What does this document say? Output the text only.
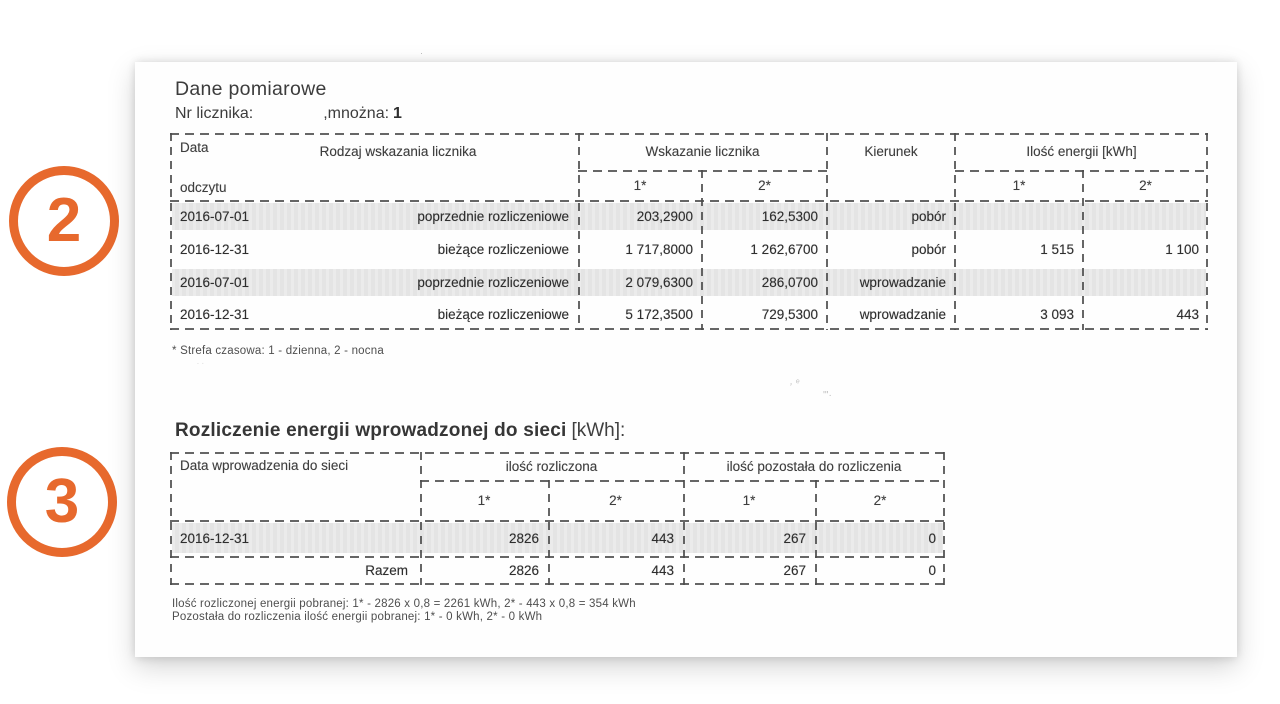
2
3
Dane pomiarowe
Nr licznika:	,mnożna: 1
Data
odczytu
Rodzaj wskazania licznika	Wskazanie licznika	Kierunek	Ilość energii [kWh]
1*	2*	1*	2*
2016-07-01	poprzednie rozliczeniowe	203,2900	162,5300	pobór
2016-12-31	bieżące rozliczeniowe	1 717,8000	1 262,6700	pobór	1 515	1 100
2016-07-01	poprzednie rozliczeniowe	2 079,6300	286,0700	wprowadzanie
2016-12-31	bieżące rozliczeniowe	5 172,3500	729,5300	wprowadzanie	3 093	443
* Strefa czasowa: 1 - dzienna, 2 - nocna
, ᵉ
'"·
˙ ˙
·
Rozliczenie energii wprowadzonej do sieci [kWh]:
Data wprowadzenia do sieci	ilość rozliczona	ilość pozostała do rozliczenia
1*	2*	1*	2*
2016-12-31	2826	443	267	0
Razem	2826	443	267	0
Ilość rozliczonej energii pobranej: 1* - 2826 x 0,8 = 2261 kWh, 2* - 443 x 0,8 = 354 kWh
Pozostała do rozliczenia ilość energii pobranej: 1* - 0 kWh, 2* - 0 kWh
